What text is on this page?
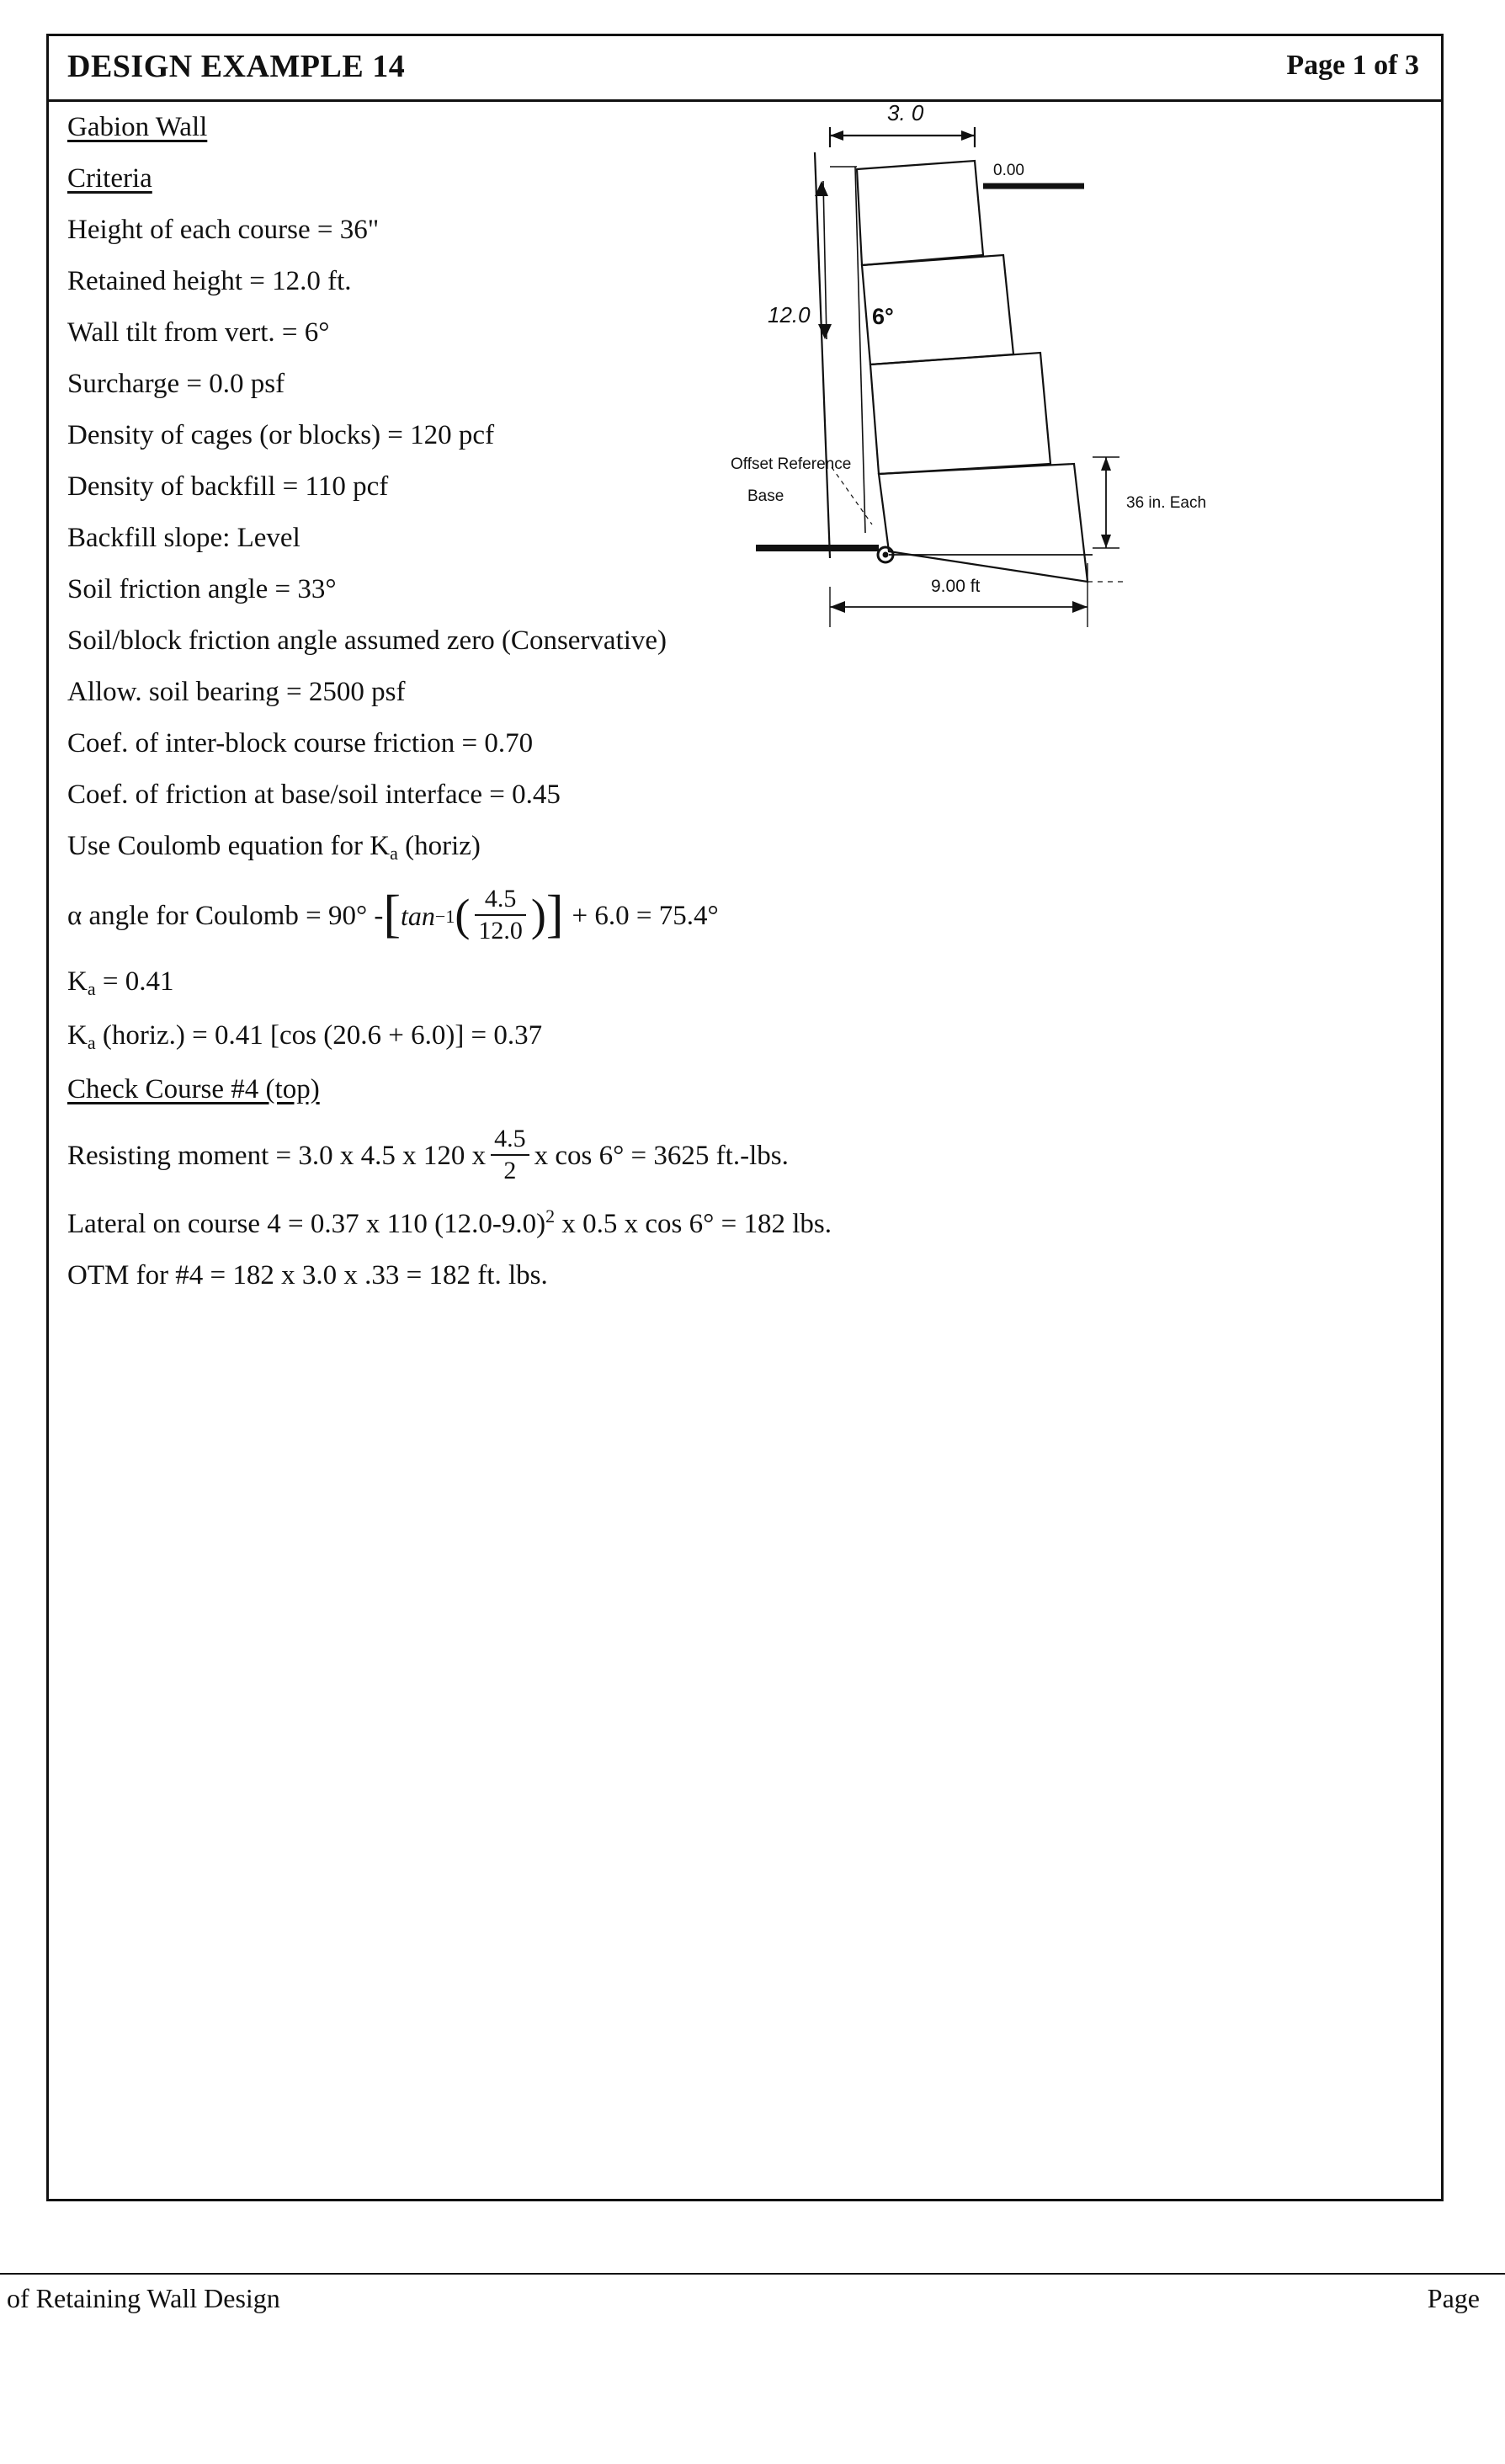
DESIGN EXAMPLE 14	Page 1 of 3

Gabion Wall

Criteria

Height of each course = 36"

Retained height = 12.0 ft.

Wall tilt from vert. = 6°

Surcharge = 0.0 psf

Density of cages (or blocks) = 120 pcf

Density of backfill = 110 pcf

Backfill slope: Level

Soil friction angle = 33°

Soil/block friction angle assumed zero (Conservative)

Allow. soil bearing = 2500 psf

Coef. of inter-block course friction = 0.70

Coef. of friction at base/soil interface = 0.45

Use Coulomb equation for $K_a$ (horiz)

α angle for Coulomb = 90° - [ tan −1 ( $\frac{4.5}{12.0}$ ) ] + 6.0 = 75.4°

$K_a = 0.41$

$K_a$ (horiz.) = 0.41 [cos (20.6 + 6.0)] = 0.37

Check Course #4 (top)

Resisting moment = 3.0 x 4.5 x 120 x $\frac{4.5}{2}$ x cos 6° = 3625 ft.-lbs.

Lateral on course 4 = 0.37 x 110 $(12.0-9.0)^2$ x 0.5 x cos 6° = 182 lbs.

OTM for #4 = 182 x 3.0 x .33 = 182 ft. lbs.

3. 0
0.00
12.0	6°
Offset Reference
Base	36 in. Each
9.00 ft
of Retaining Wall Design	Page
